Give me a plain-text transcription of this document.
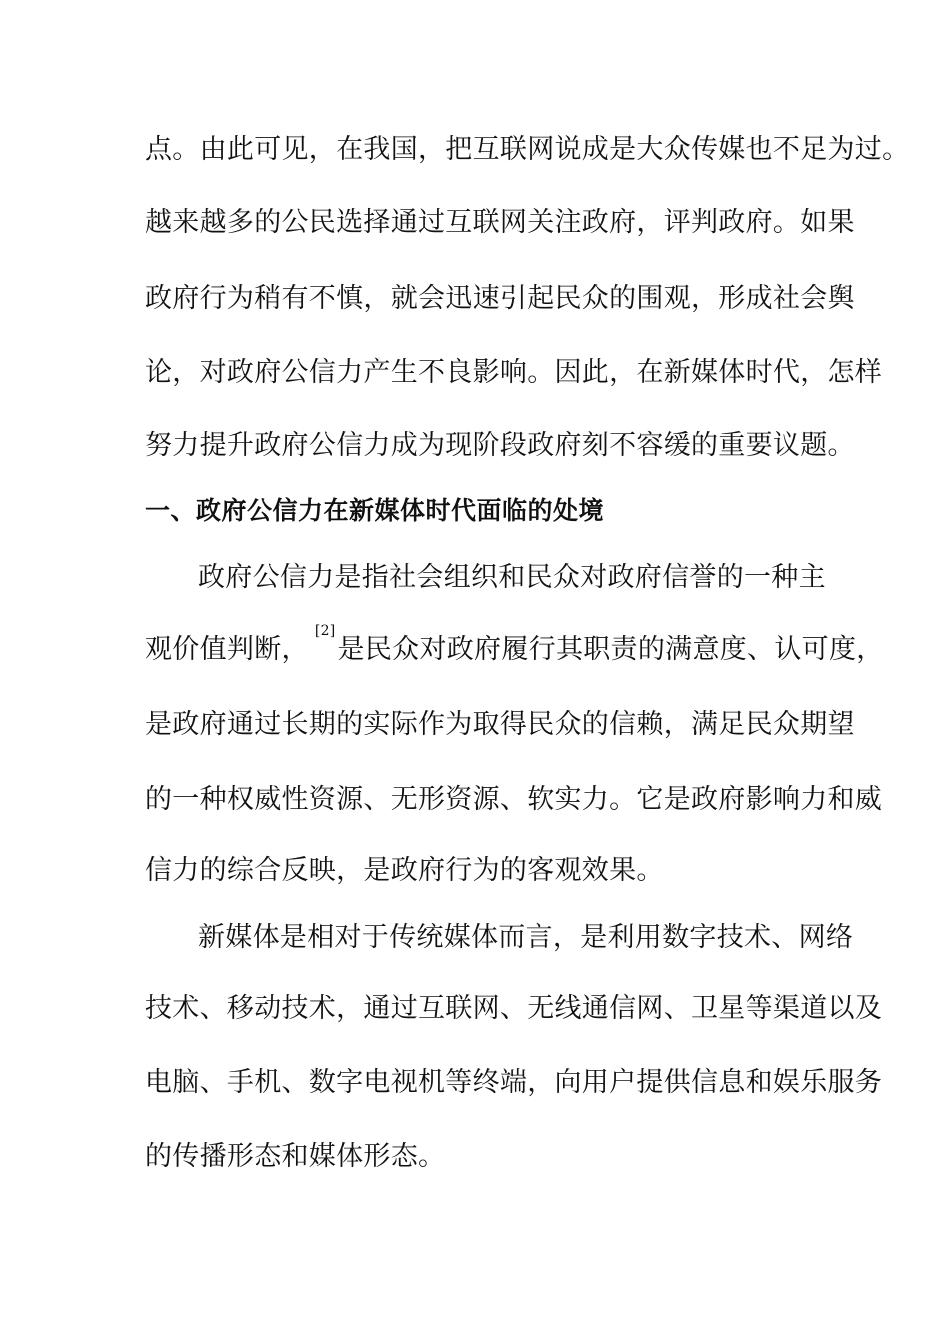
点。由此可见，在我国，把互联网说成是大众传媒也不足为过。
越来越多的公民选择通过互联网关注政府，评判政府。如果
政府行为稍有不慎，就会迅速引起民众的围观，形成社会舆
论，对政府公信力产生不良影响。因此，在新媒体时代，怎样
努力提升政府公信力成为现阶段政府刻不容缓的重要议题。
一、政府公信力在新媒体时代面临的处境
政府公信力是指社会组织和民众对政府信誉的一种主
观价值判断，[2]是民众对政府履行其职责的满意度、认可度，
是政府通过长期的实际作为取得民众的信赖，满足民众期望
的一种权威性资源、无形资源、软实力。它是政府影响力和威
信力的综合反映，是政府行为的客观效果。
新媒体是相对于传统媒体而言，是利用数字技术、网络
技术、移动技术，通过互联网、无线通信网、卫星等渠道以及
电脑、手机、数字电视机等终端，向用户提供信息和娱乐服务
的传播形态和媒体形态。
